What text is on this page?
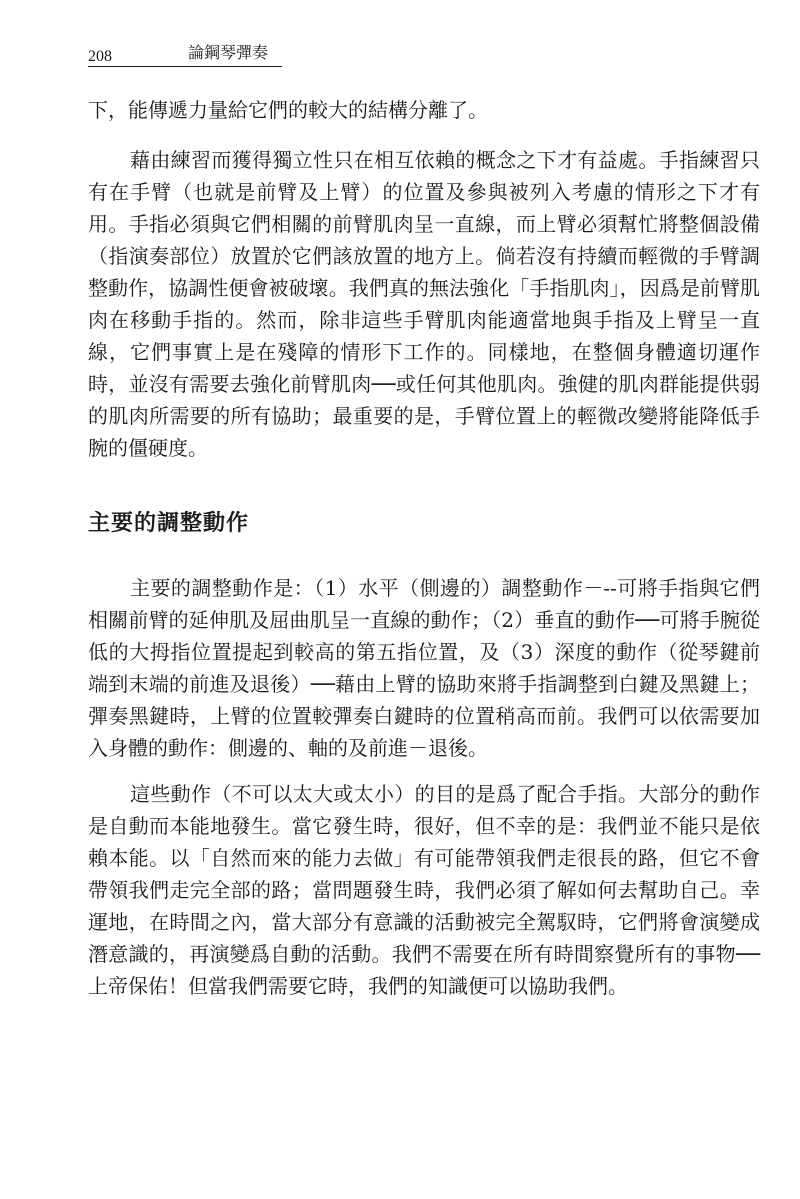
208	論鋼琴彈奏

下，能傳遞力量給它們的較大的結構分離了。

藉由練習而獲得獨立性只在相互依賴的概念之下才有益處。手指練習只有在手臂（也就是前臂及上臂）的位置及參與被列入考慮的情形之下才有用。手指必須與它們相關的前臂肌肉呈一直線，而上臂必須幫忙將整個設備（指演奏部位）放置於它們該放置的地方上。倘若沒有持續而輕微的手臂調整動作，協調性便會被破壞。我們真的無法強化「手指肌肉」，因爲是前臂肌肉在移動手指的。然而，除非這些手臂肌肉能適當地與手指及上臂呈一直線，它們事實上是在殘障的情形下工作的。同樣地，在整個身體適切運作時，並沒有需要去強化前臂肌肉──或任何其他肌肉。強健的肌肉群能提供弱的肌肉所需要的所有協助；最重要的是，手臂位置上的輕微改變將能降低手腕的僵硬度。

主要的調整動作

主要的調整動作是：（1）水平（側邊的）調整動作－--可將手指與它們相關前臂的延伸肌及屈曲肌呈一直線的動作；（2）垂直的動作──可將手腕從低的大拇指位置提起到較高的第五指位置，及（3）深度的動作（從琴鍵前端到末端的前進及退後）──藉由上臂的協助來將手指調整到白鍵及黑鍵上；彈奏黑鍵時，上臂的位置較彈奏白鍵時的位置稍高而前。我們可以依需要加入身體的動作：側邊的、軸的及前進－退後。

這些動作（不可以太大或太小）的目的是爲了配合手指。大部分的動作是自動而本能地發生。當它發生時，很好，但不幸的是：我們並不能只是依賴本能。以「自然而來的能力去做」有可能帶領我們走很長的路，但它不會帶領我們走完全部的路；當問題發生時，我們必須了解如何去幫助自己。幸運地，在時間之內，當大部分有意識的活動被完全駕馭時，它們將會演變成潛意識的，再演變爲自動的活動。我們不需要在所有時間察覺所有的事物──上帝保佑！但當我們需要它時，我們的知識便可以協助我們。
